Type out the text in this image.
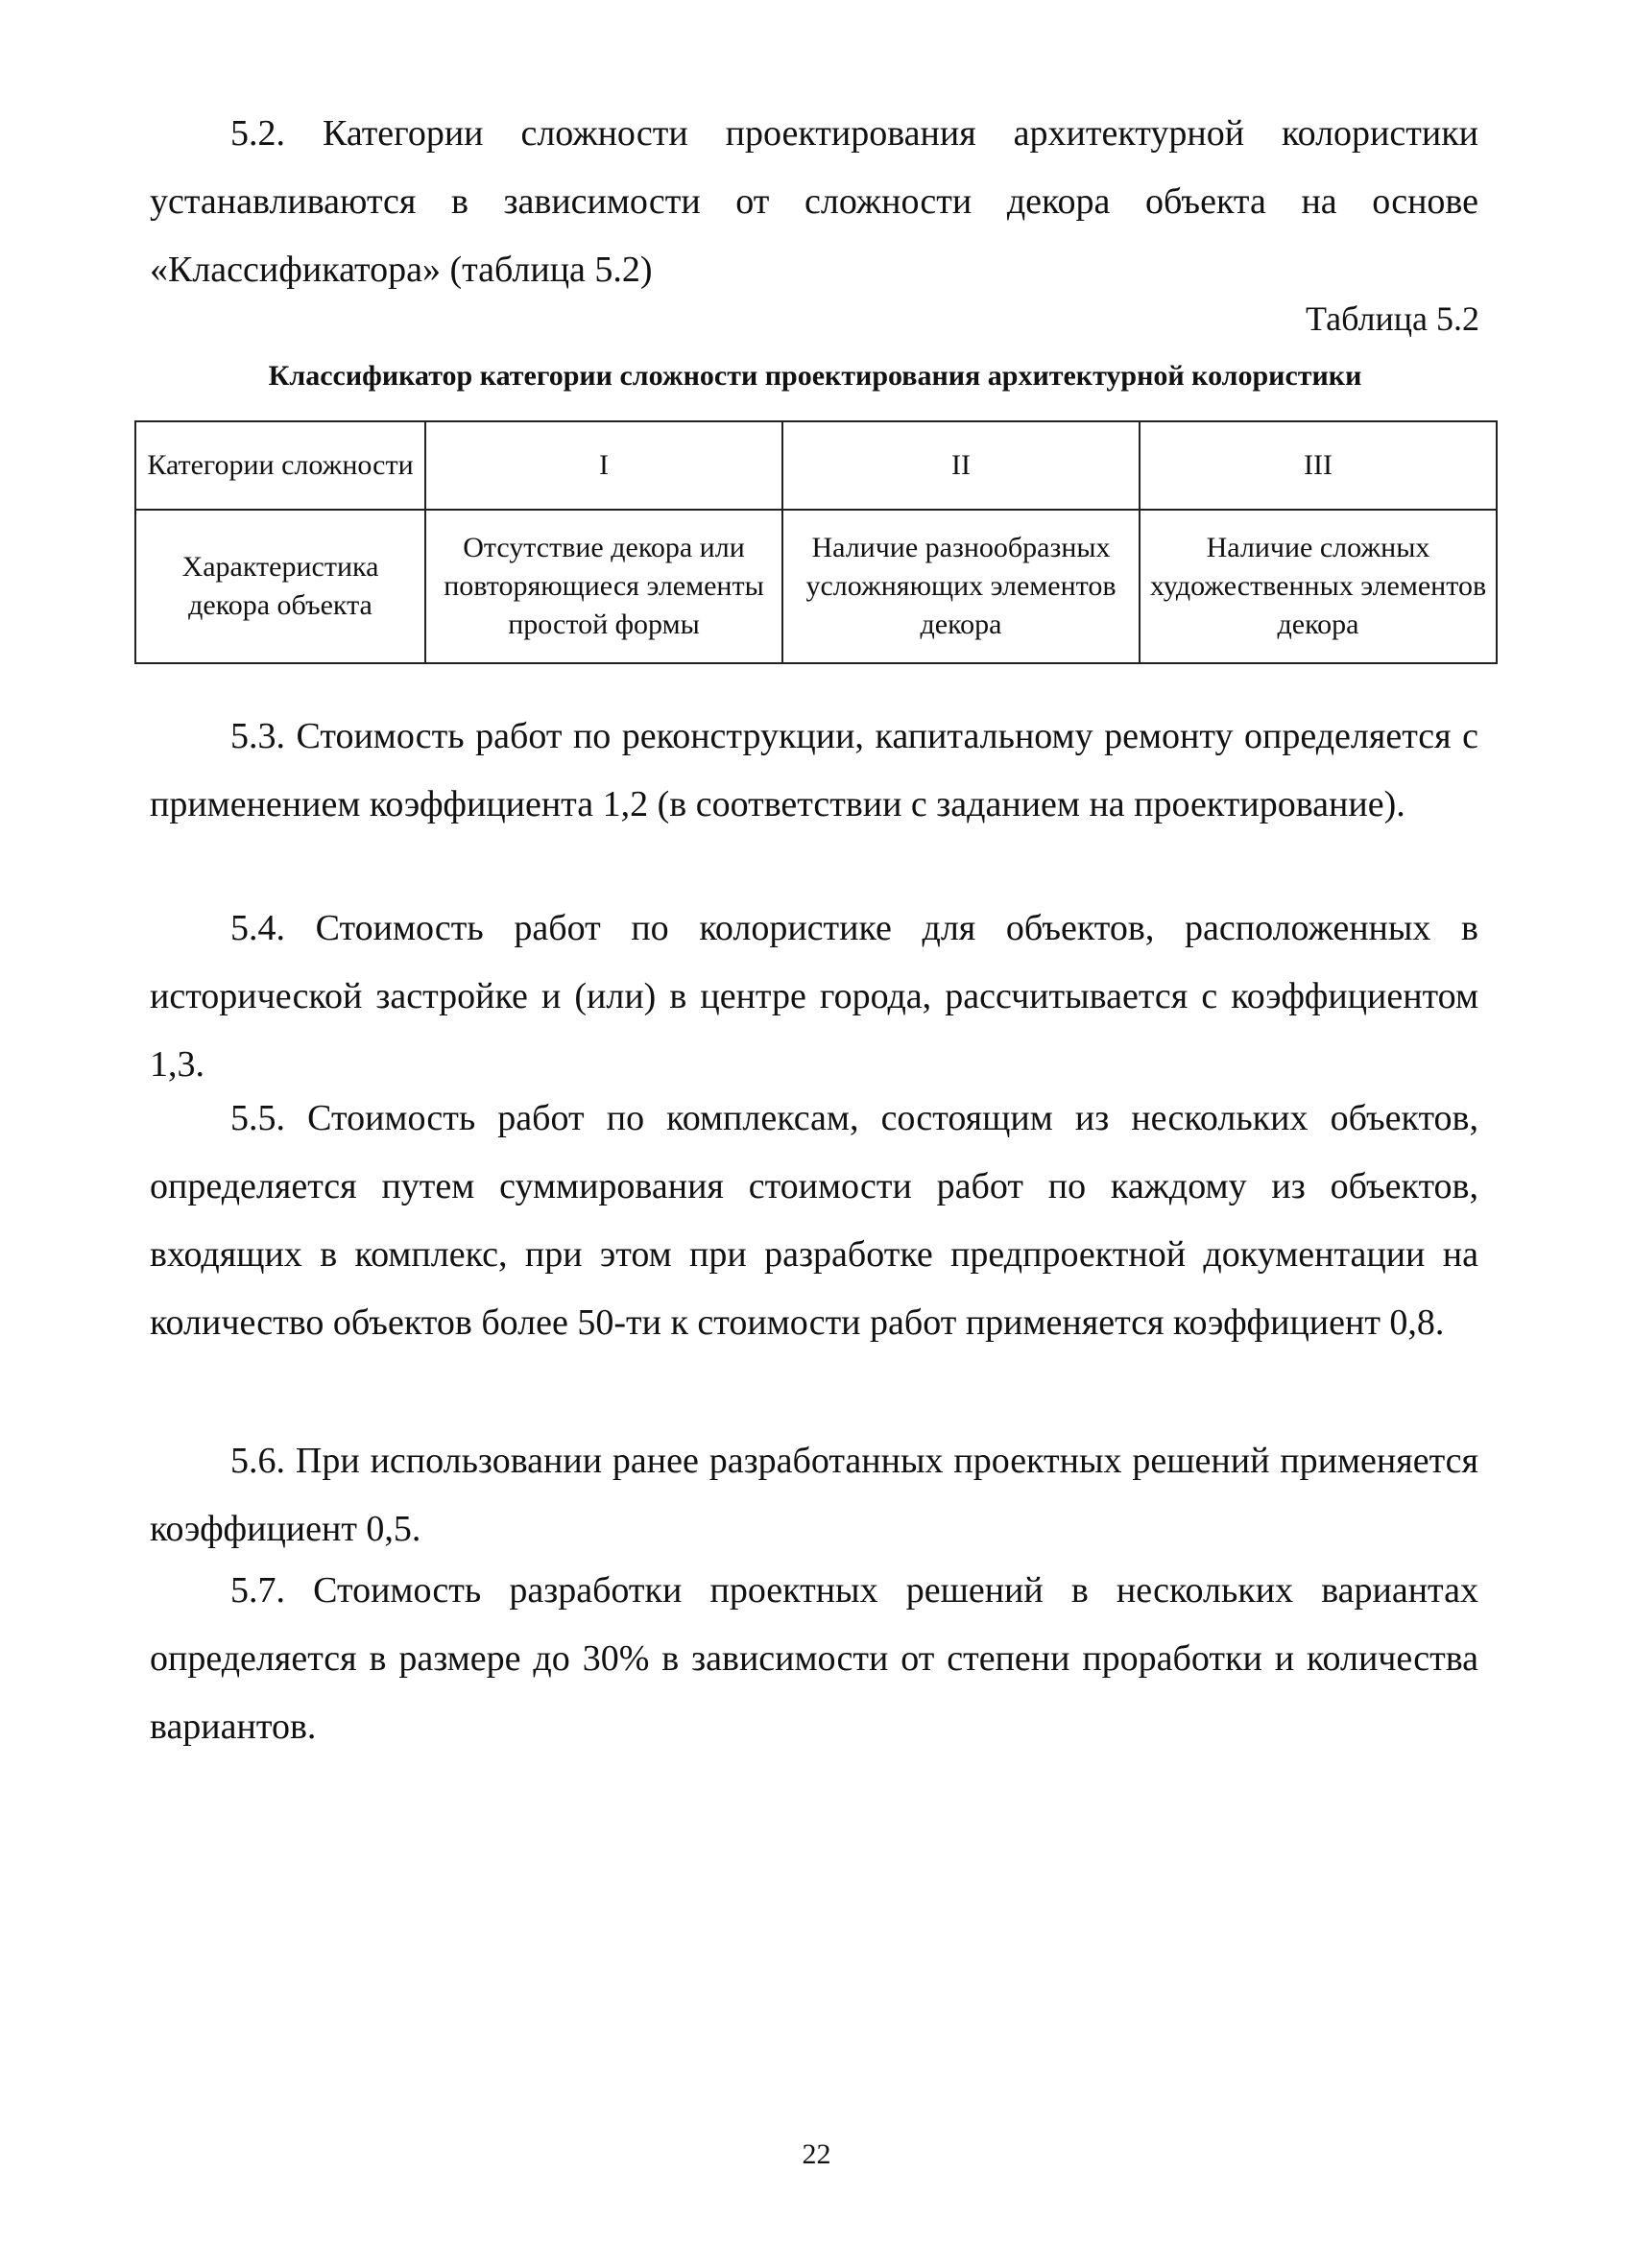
5.2. Категории сложности проектирования архитектурной колористики устанавливаются в зависимости от сложности декора объекта на основе «Классификатора» (таблица 5.2)

Таблица 5.2
Классификатор категории сложности проектирования архитектурной колористики
Категории сложности	I	II	III
Характеристика декора объекта	Отсутствие декора или повторяющиеся элементы простой формы	Наличие разнообразных усложняющих элементов декора	Наличие сложных художественных элементов декора

5.3. Стоимость работ по реконструкции, капитальному ремонту определяется с применением коэффициента 1,2 (в соответствии с заданием на проектирование).

5.4. Стоимость работ по колористике для объектов, расположенных в исторической застройке и (или) в центре города, рассчитывается с коэффициентом 1,3.

5.5. Стоимость работ по комплексам, состоящим из нескольких объектов, определяется путем суммирования стоимости работ по каждому из объектов, входящих в комплекс, при этом при разработке предпроектной документации на количество объектов более 50-ти к стоимости работ применяется коэффициент 0,8.

5.6. При использовании ранее разработанных проектных решений применяется коэффициент 0,5.

5.7. Стоимость разработки проектных решений в нескольких вариантах определяется в размере до 30% в зависимости от степени проработки и количества вариантов.

22
